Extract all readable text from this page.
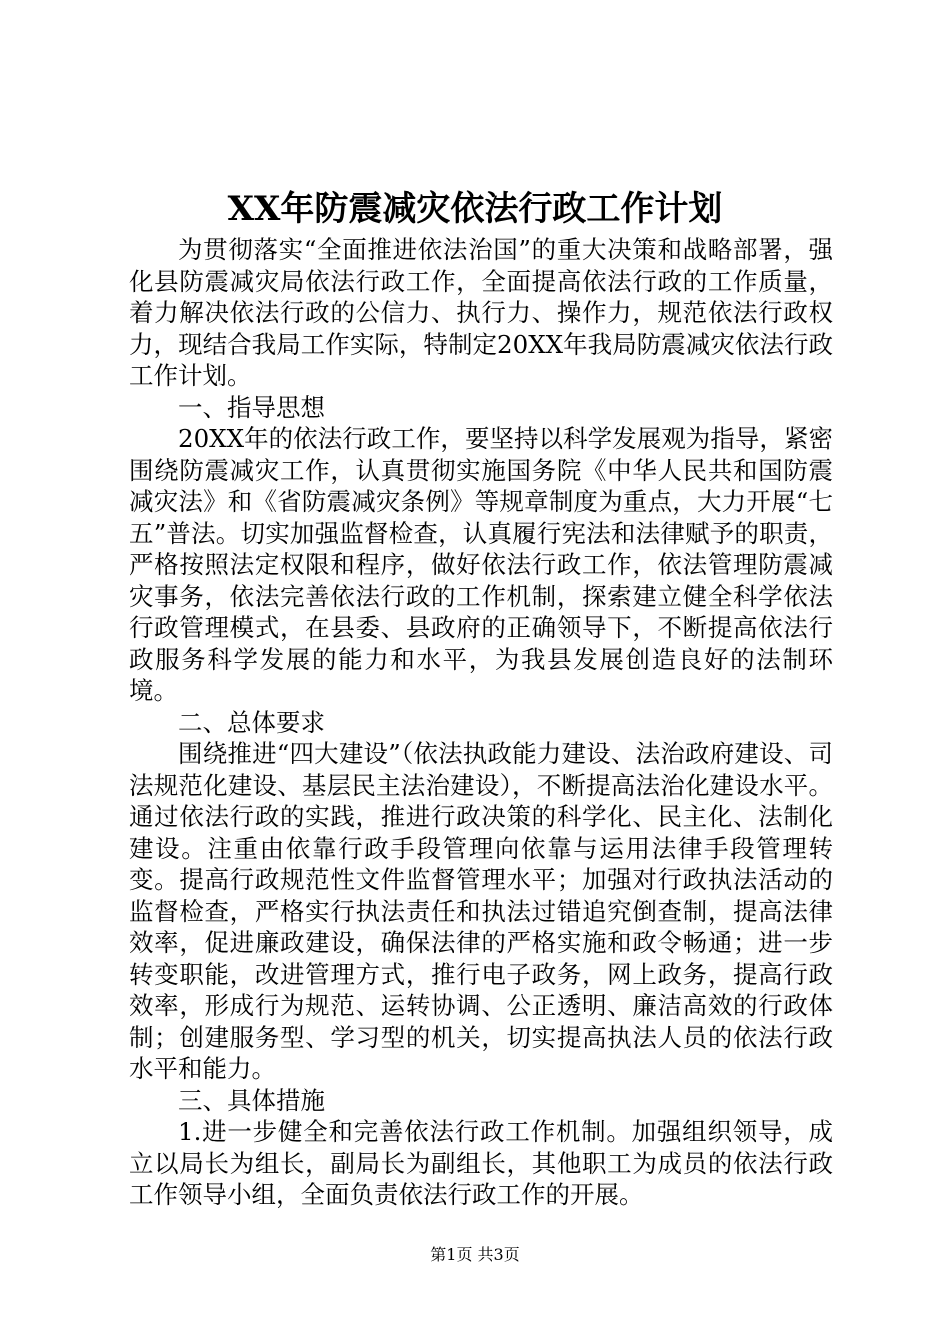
XX年防震减灾依法行政工作计划

为贯彻落实“全面推进依法治国”的重大决策和战略部署，强化县防震减灾局依法行政工作，全面提高依法行政的工作质量，着力解决依法行政的公信力、执行力、操作力，规范依法行政权力，现结合我局工作实际，特制定20XX年我局防震减灾依法行政工作计划。

一、指导思想

20XX年的依法行政工作，要坚持以科学发展观为指导，紧密围绕防震减灾工作，认真贯彻实施国务院《中华人民共和国防震减灾法》和《省防震减灾条例》等规章制度为重点，大力开展“七五”普法。切实加强监督检查，认真履行宪法和法律赋予的职责，严格按照法定权限和程序，做好依法行政工作，依法管理防震减灾事务，依法完善依法行政的工作机制，探索建立健全科学依法行政管理模式，在县委、县政府的正确领导下，不断提高依法行政服务科学发展的能力和水平，为我县发展创造良好的法制环境。

二、总体要求

围绕推进“四大建设”（依法执政能力建设、法治政府建设、司法规范化建设、基层民主法治建设），不断提高法治化建设水平。通过依法行政的实践，推进行政决策的科学化、民主化、法制化建设。注重由依靠行政手段管理向依靠与运用法律手段管理转变。提高行政规范性文件监督管理水平；加强对行政执法活动的监督检查，严格实行执法责任和执法过错追究倒查制，提高法律效率，促进廉政建设，确保法律的严格实施和政令畅通；进一步转变职能，改进管理方式，推行电子政务，网上政务，提高行政效率，形成行为规范、运转协调、公正透明、廉洁高效的行政体制；创建服务型、学习型的机关，切实提高执法人员的依法行政水平和能力。

三、具体措施

1.进一步健全和完善依法行政工作机制。加强组织领导，成立以局长为组长，副局长为副组长，其他职工为成员的依法行政工作领导小组，全面负责依法行政工作的开展。

第1页 共3页
